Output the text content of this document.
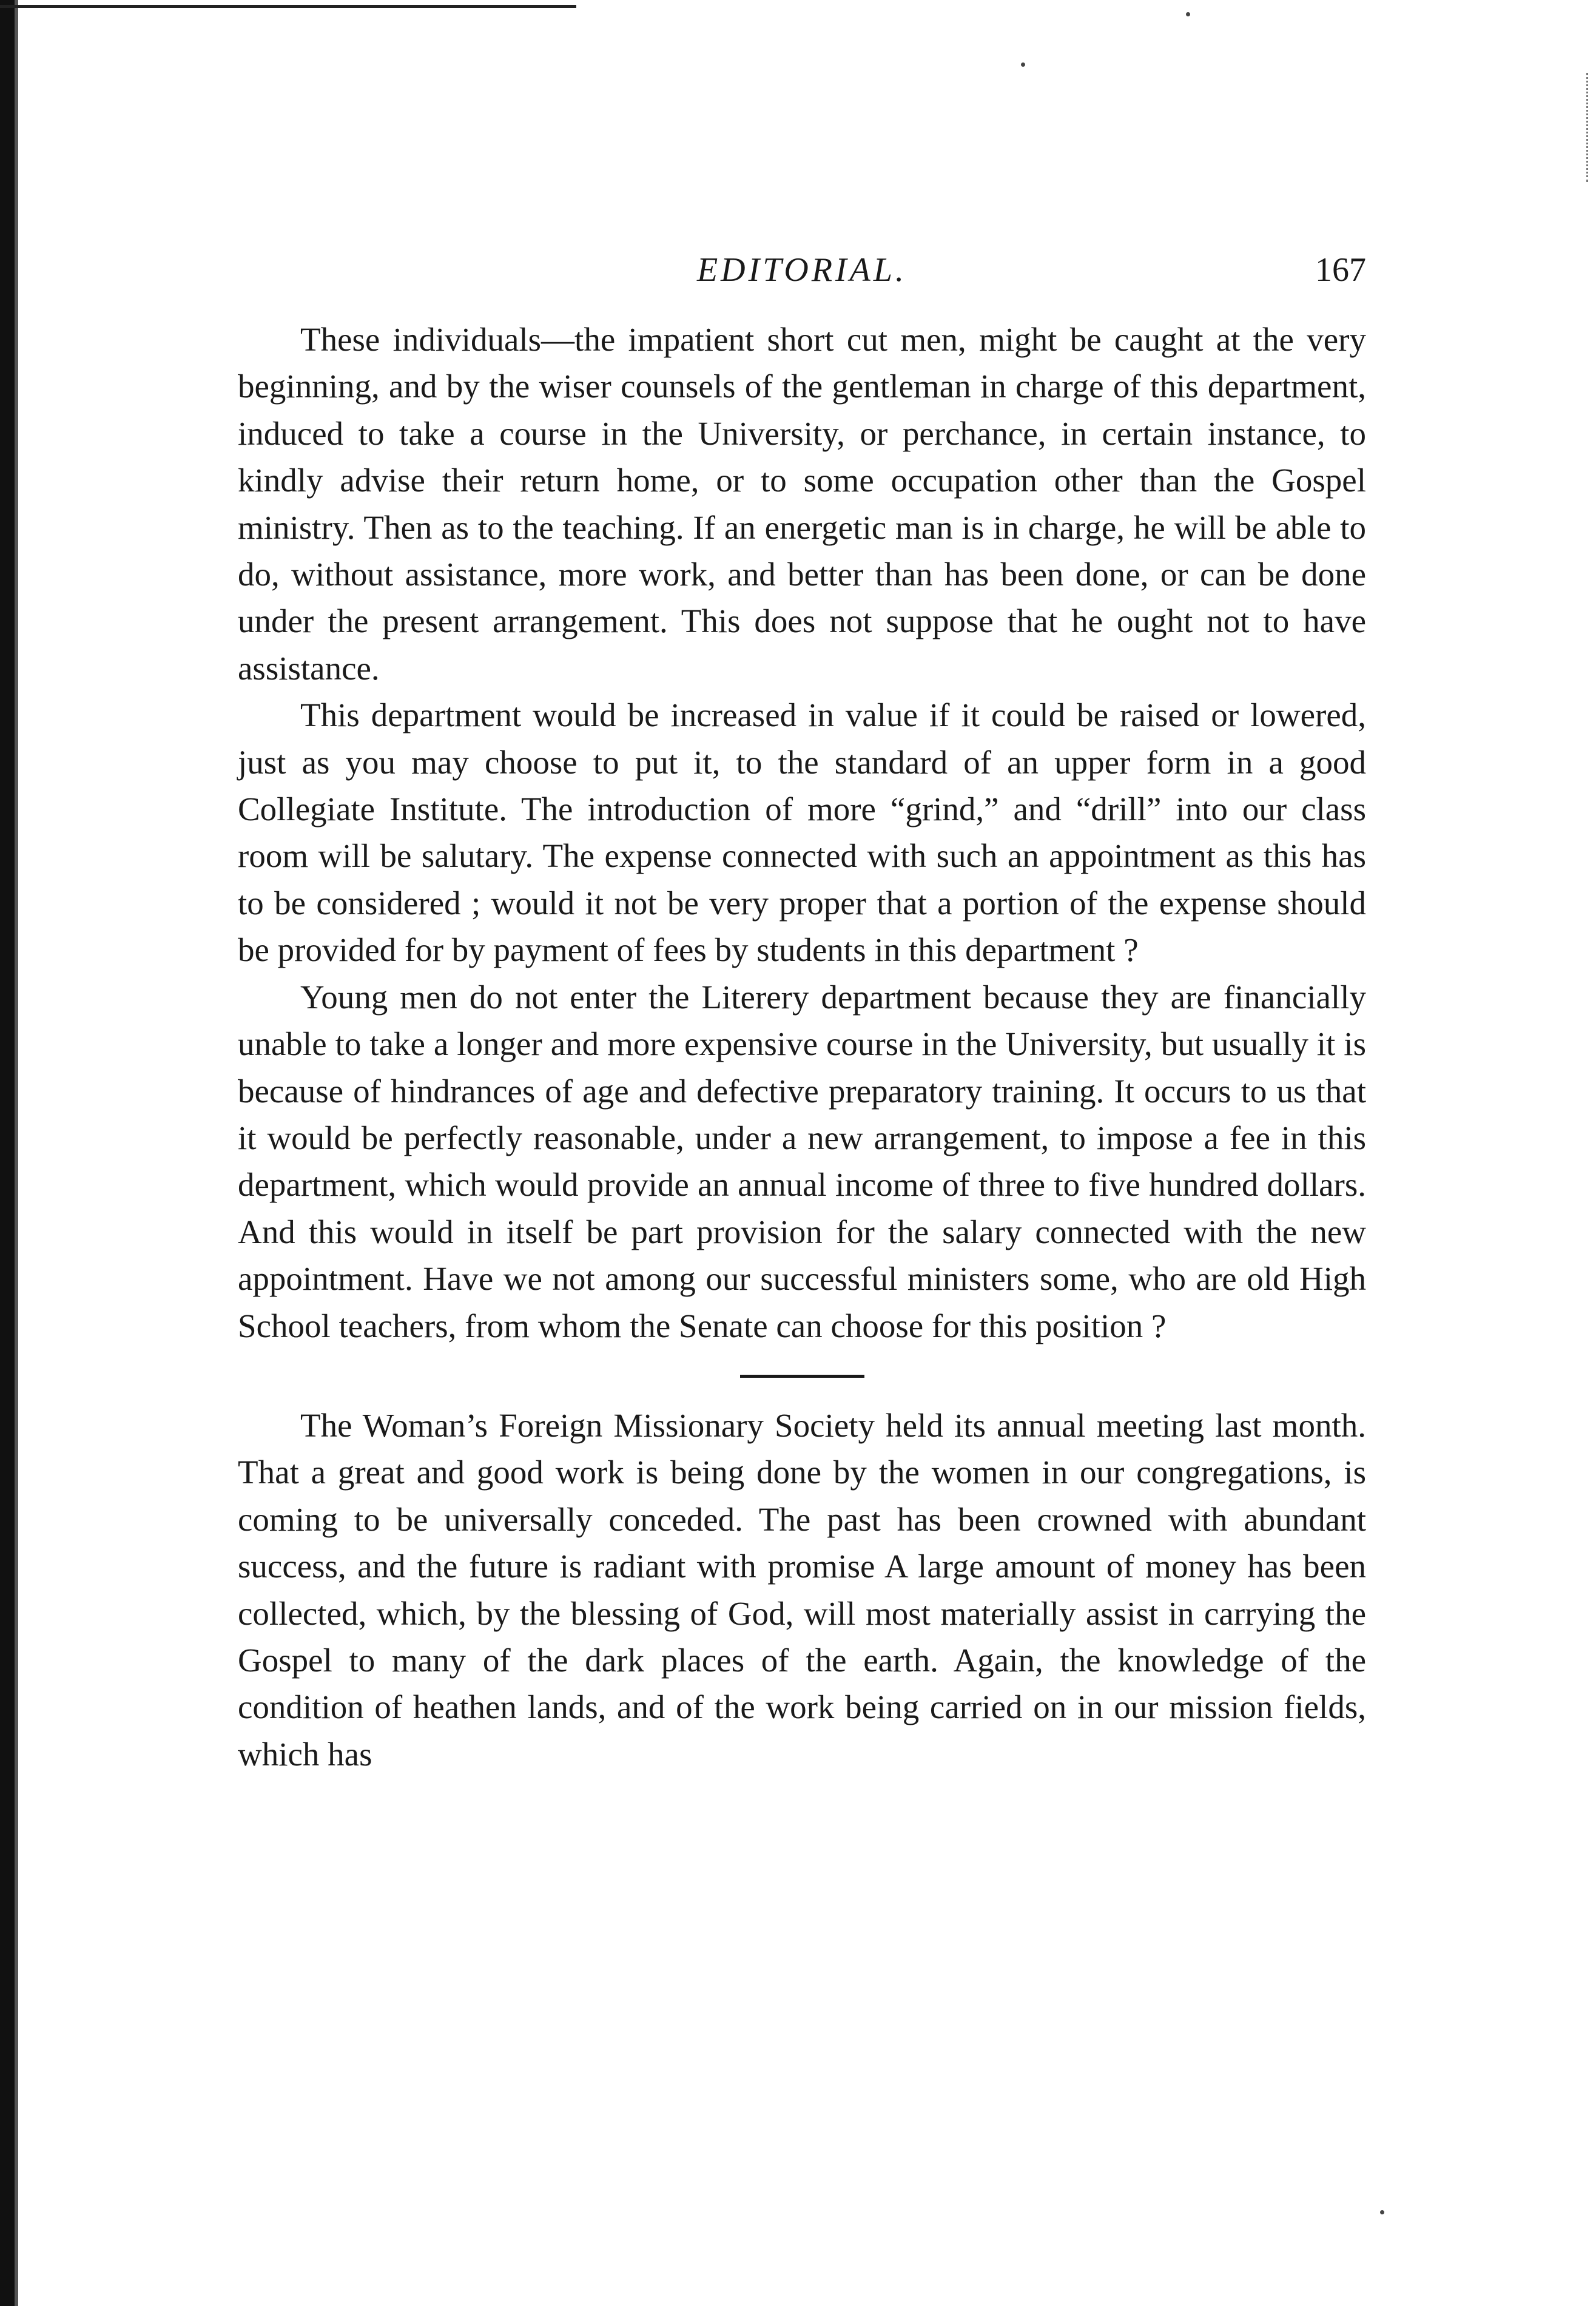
EDITORIAL.	167

These individuals—the impatient short cut men, might be caught at the very beginning, and by the wiser counsels of the gentleman in charge of this department, induced to take a course in the University, or perchance, in certain instance, to kindly advise their return home, or to some occupation other than the Gospel ministry. Then as to the teaching. If an energetic man is in charge, he will be able to do, without assistance, more work, and better than has been done, or can be done under the present arrangement. This does not suppose that he ought not to have assistance.

This department would be increased in value if it could be raised or lowered, just as you may choose to put it, to the standard of an upper form in a good Collegiate Institute. The introduction of more “grind,” and “drill” into our class room will be salutary. The expense connected with such an appointment as this has to be considered ; would it not be very proper that a portion of the expense should be provided for by payment of fees by students in this department ?

Young men do not enter the Literery department because they are financially unable to take a longer and more expensive course in the University, but usually it is because of hindrances of age and defective preparatory training. It occurs to us that it would be perfectly reasonable, under a new arrangement, to impose a fee in this department, which would provide an annual income of three to five hundred dollars. And this would in itself be part provision for the salary connected with the new appointment. Have we not among our successful ministers some, who are old High School teachers, from whom the Senate can choose for this position ?

The Woman’s Foreign Missionary Society held its annual meeting last month. That a great and good work is being done by the women in our congregations, is coming to be universally conceded. The past has been crowned with abundant success, and the future is radiant with promise A large amount of money has been collected, which, by the blessing of God, will most materially assist in carrying the Gospel to many of the dark places of the earth. Again, the knowledge of the condition of heathen lands, and of the work being carried on in our mission fields, which has
